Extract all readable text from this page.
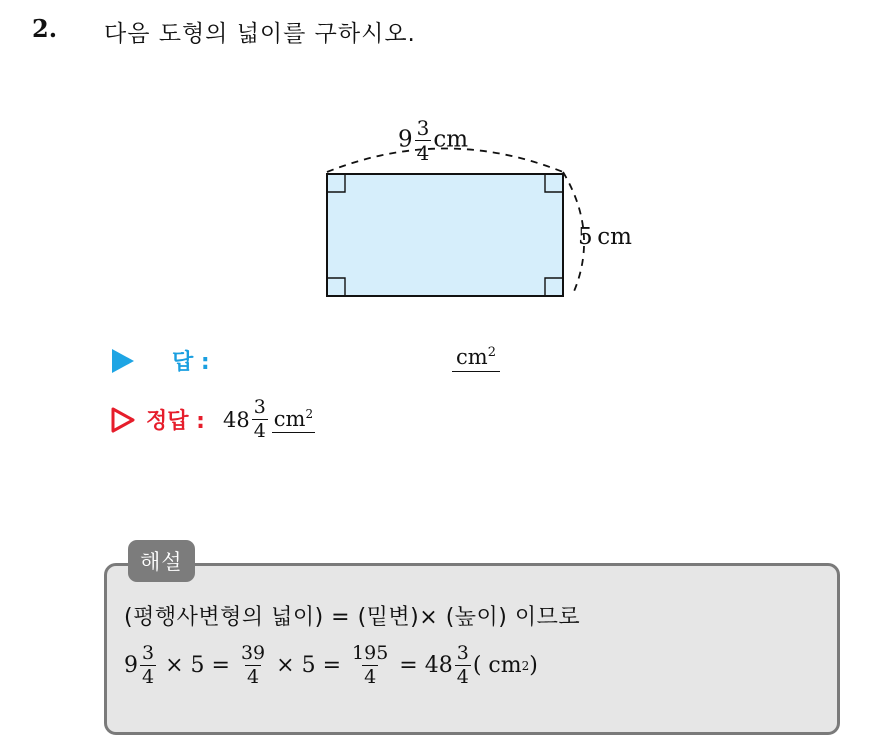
2. 다음 도형의 넓이를 구하시오.
$9 \frac{3}{4}$ cm
5  cm
답 :	$cm^2$
정답 : $48 \frac{3}{4} cm^2$
해설
(평행사변형의 넓이) = (밑변)× (높이) 이므로
$9 \frac{3}{4} \times 5 = \frac{39}{4} \times 5 = \frac{195}{4} = 48 \frac{3}{4}$ ( cm 2 )
